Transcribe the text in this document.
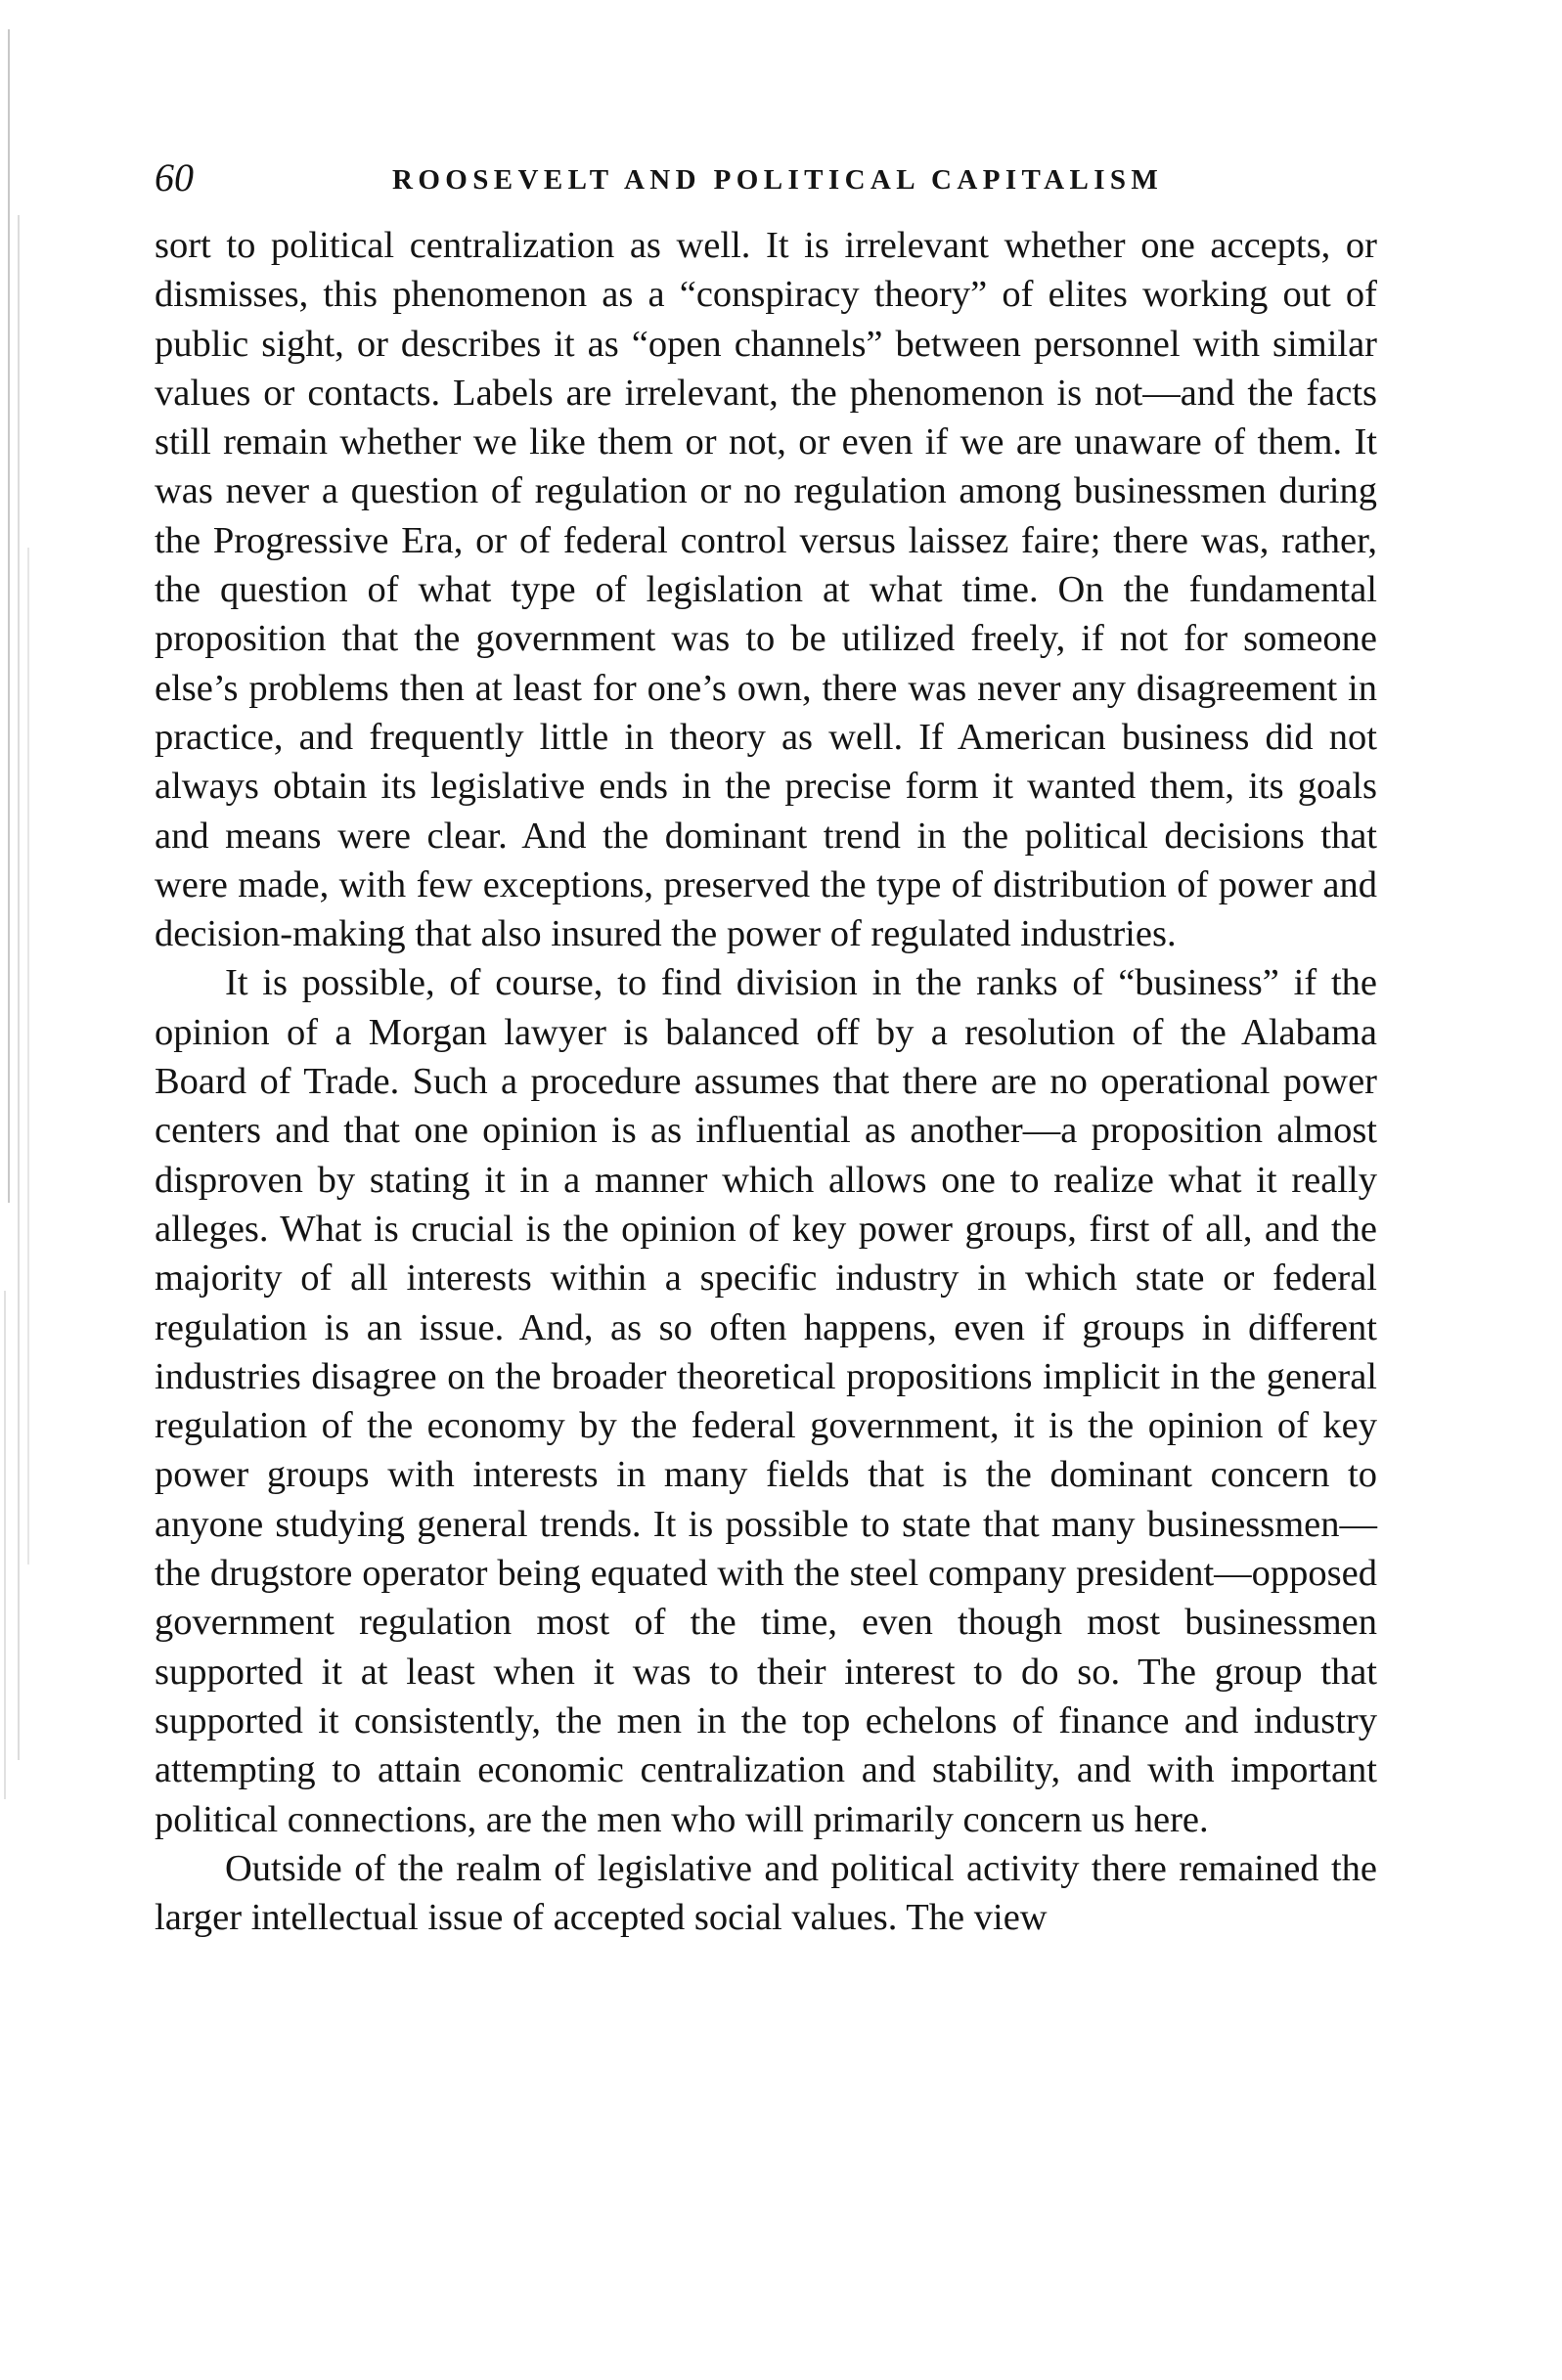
60	ROOSEVELT AND POLITICAL CAPITALISM

sort to political centralization as well. It is irrelevant whether one accepts, or dismisses, this phenomenon as a “conspiracy theory” of elites working out of public sight, or describes it as “open channels” between personnel with similar values or contacts. Labels are irrelevant, the phenomenon is not—and the facts still remain whether we like them or not, or even if we are unaware of them. It was never a question of regulation or no regulation among businessmen during the Progressive Era, or of federal control versus laissez faire; there was, rather, the question of what type of legislation at what time. On the fundamental proposition that the government was to be utilized freely, if not for someone else’s problems then at least for one’s own, there was never any disagreement in practice, and frequently little in theory as well. If American business did not always obtain its legislative ends in the precise form it wanted them, its goals and means were clear. And the dominant trend in the political decisions that were made, with few exceptions, preserved the type of distribution of power and decision-making that also insured the power of regulated industries.

It is possible, of course, to find division in the ranks of “business” if the opinion of a Morgan lawyer is balanced off by a resolution of the Alabama Board of Trade. Such a procedure assumes that there are no operational power centers and that one opinion is as influential as another—a proposition almost disproven by stating it in a manner which allows one to realize what it really alleges. What is crucial is the opinion of key power groups, first of all, and the majority of all interests within a specific industry in which state or federal regulation is an issue. And, as so often happens, even if groups in different industries disagree on the broader theoretical propositions implicit in the general regulation of the economy by the federal government, it is the opinion of key power groups with interests in many fields that is the dominant concern to anyone studying general trends. It is possible to state that many businessmen—the drugstore operator being equated with the steel company president—opposed government regulation most of the time, even though most businessmen supported it at least when it was to their interest to do so. The group that supported it consistently, the men in the top echelons of finance and industry attempting to attain economic centralization and stability, and with important political connections, are the men who will primarily concern us here.

Outside of the realm of legislative and political activity there remained the larger intellectual issue of accepted social values. The view
